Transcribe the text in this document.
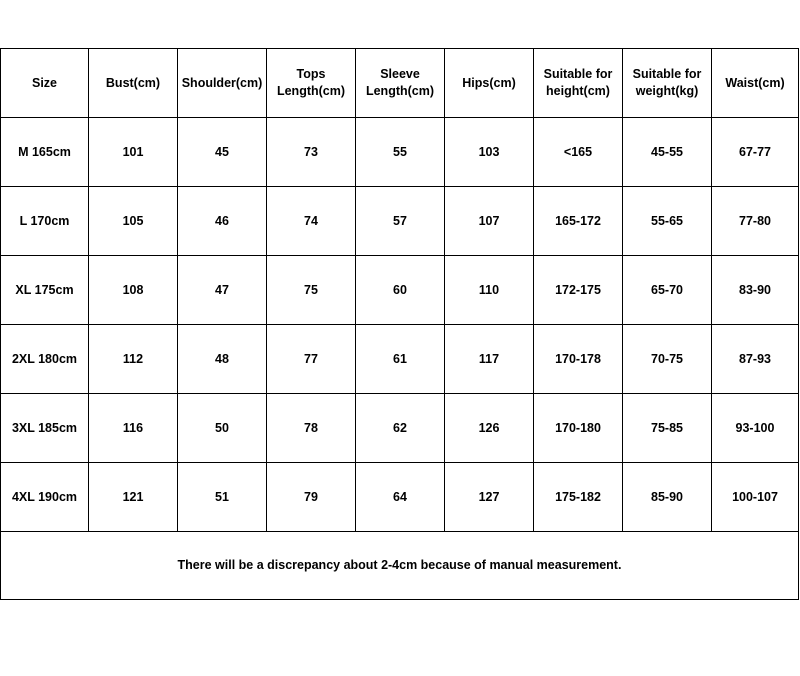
Size	Bust(cm)	Shoulder(cm)	Tops Length(cm)	Sleeve Length(cm)	Hips(cm)	Suitable for height(cm)	Suitable for weight(kg)	Waist(cm)
M 165cm	101	45	73	55	103	<165	45-55	67-77
L 170cm	105	46	74	57	107	165-172	55-65	77-80
XL 175cm	108	47	75	60	110	172-175	65-70	83-90
2XL 180cm	112	48	77	61	117	170-178	70-75	87-93
3XL 185cm	116	50	78	62	126	170-180	75-85	93-100
4XL 190cm	121	51	79	64	127	175-182	85-90	100-107
There will be a discrepancy about 2-4cm because of manual measurement.								
